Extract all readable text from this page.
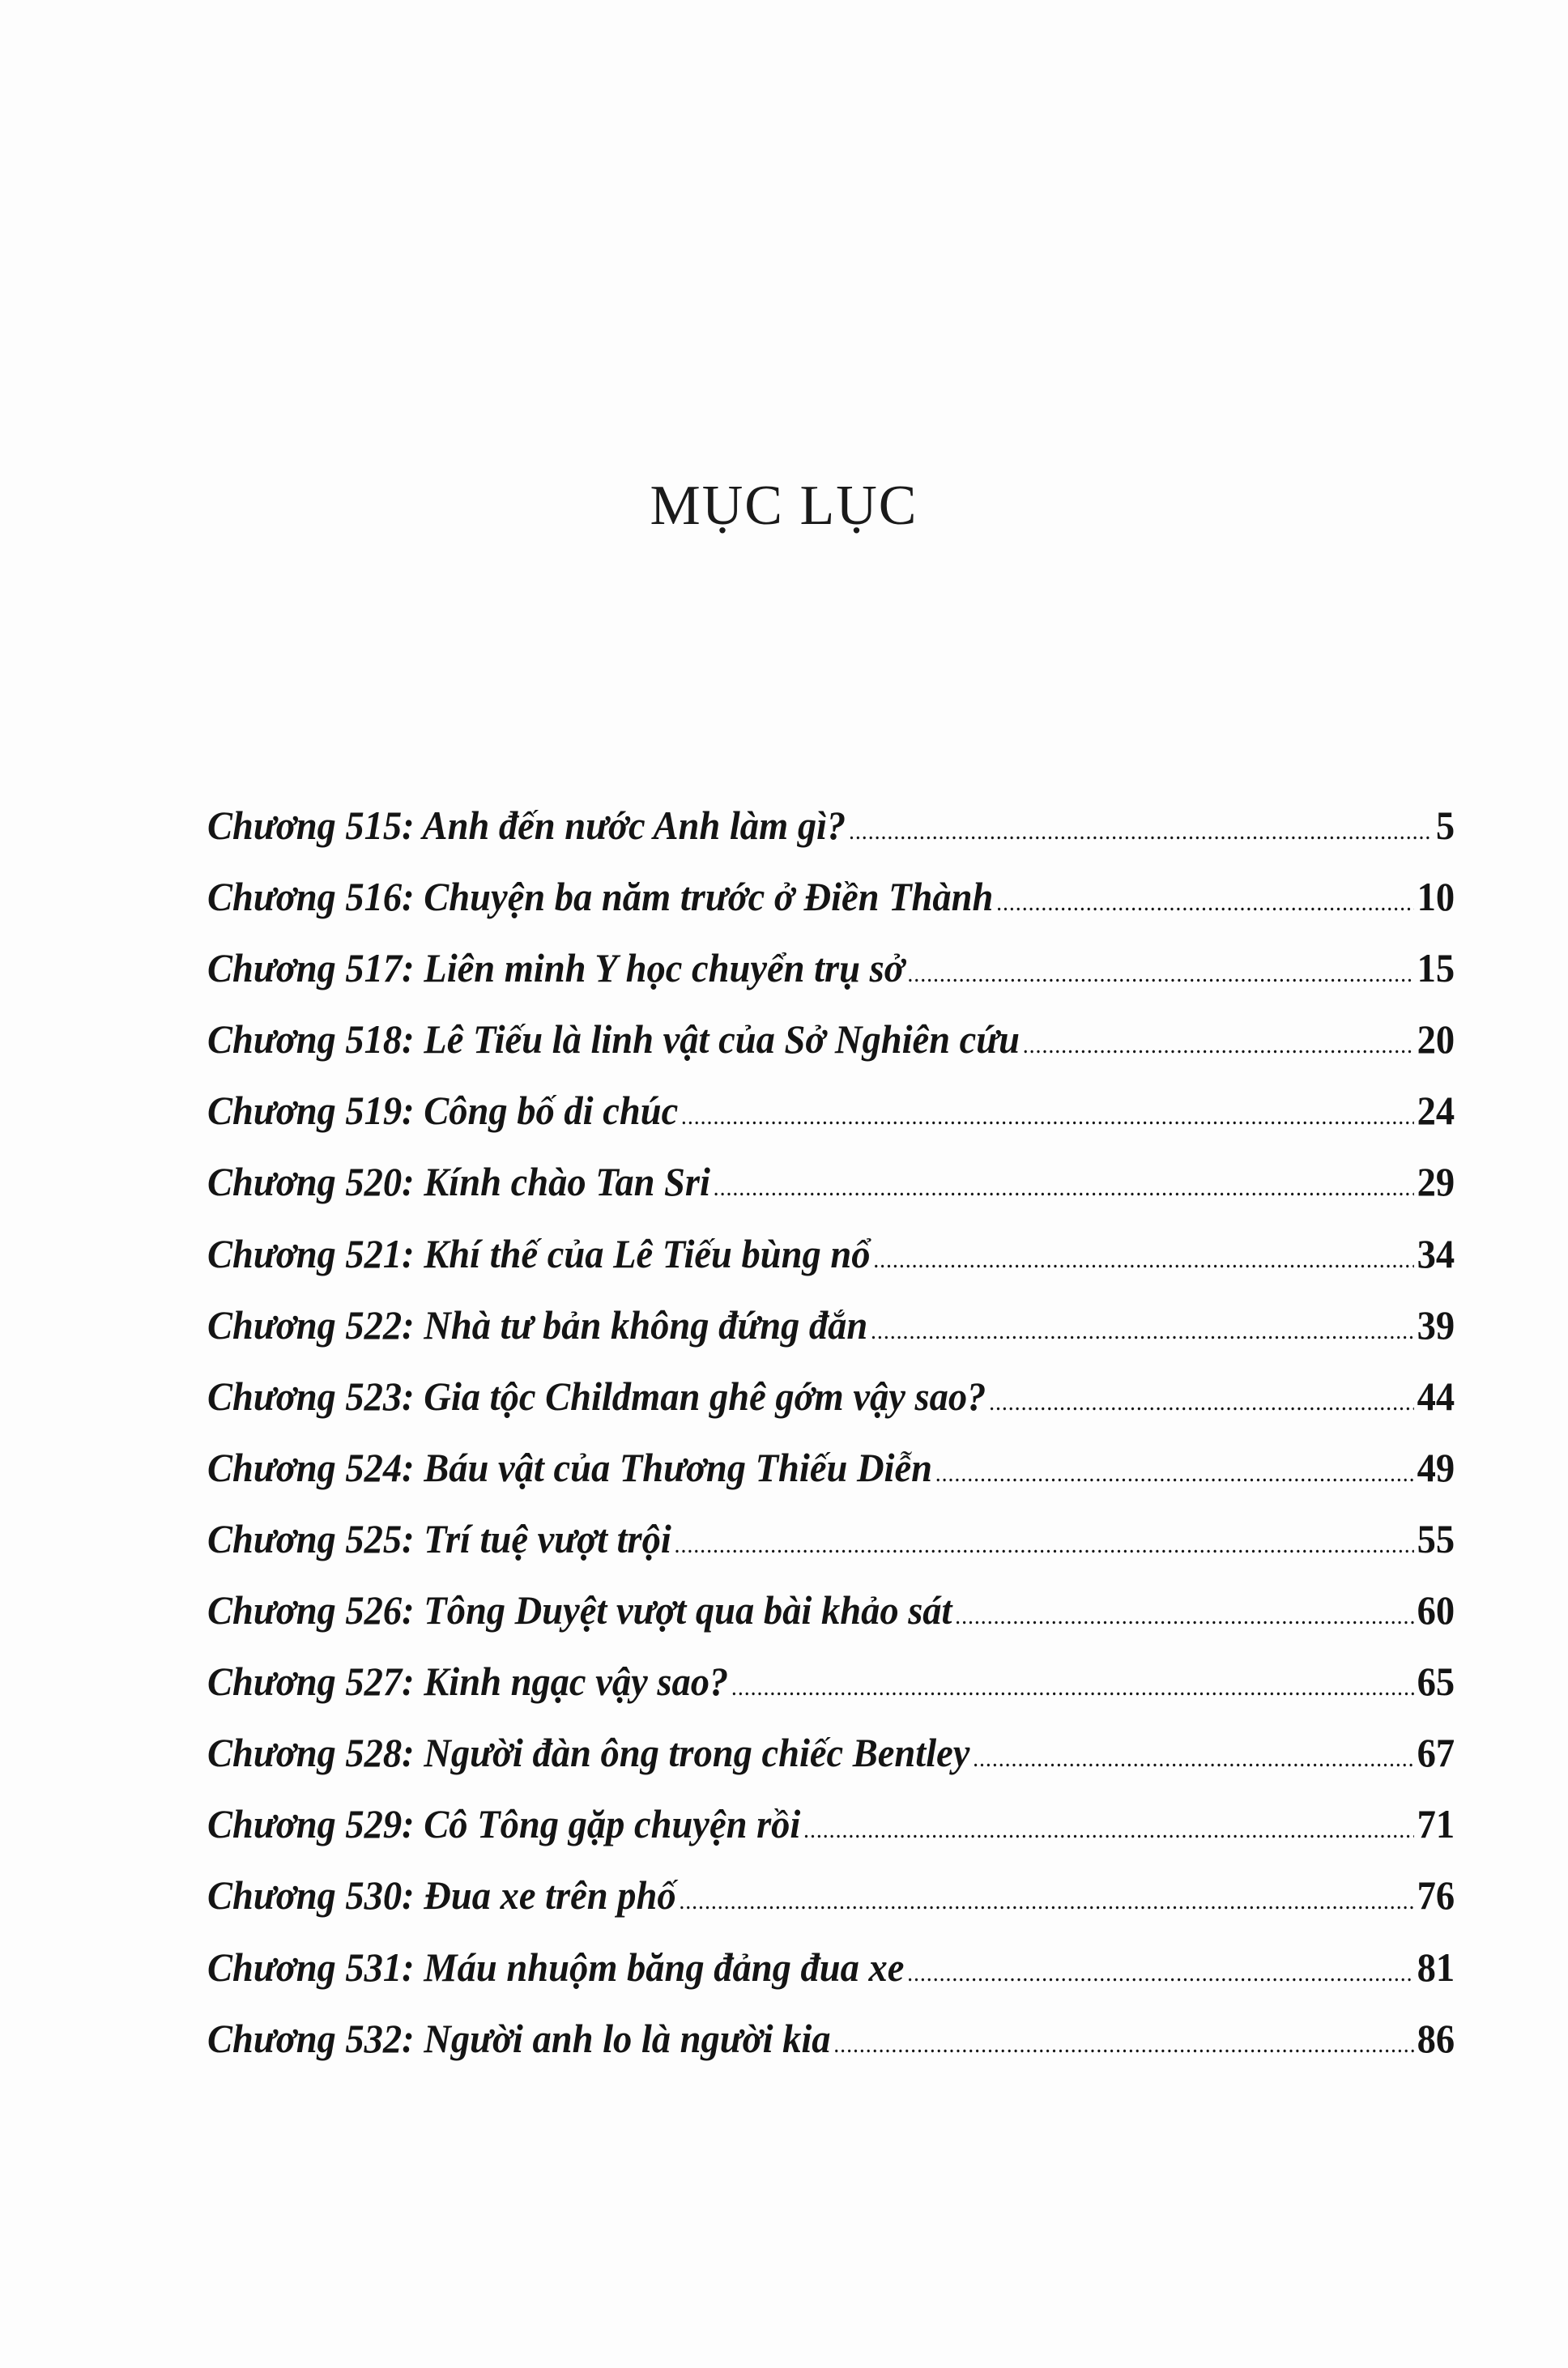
MỤC LỤC
Chương 515: Anh đến nước Anh làm gì? .....	5
Chương 516: Chuyện ba năm trước ở Điền Thành .....	10
Chương 517: Liên minh Y học chuyển trụ sở .....	15
Chương 518: Lê Tiếu là linh vật của Sở Nghiên cứu .....	20
Chương 519: Công bố di chúc .....	24
Chương 520: Kính chào Tan Sri .....	29
Chương 521: Khí thế của Lê Tiếu bùng nổ .....	34
Chương 522: Nhà tư bản không đứng đắn .....	39
Chương 523: Gia tộc Childman ghê gớm vậy sao? .....	44
Chương 524: Báu vật của Thương Thiếu Diễn .....	49
Chương 525: Trí tuệ vượt trội .....	55
Chương 526: Tông Duyệt vượt qua bài khảo sát .....	60
Chương 527: Kinh ngạc vậy sao? .....	65
Chương 528: Người đàn ông trong chiếc Bentley .....	67
Chương 529: Cô Tông gặp chuyện rồi .....	71
Chương 530: Đua xe trên phố .....	76
Chương 531: Máu nhuộm băng đảng đua xe .....	81
Chương 532: Người anh lo là người kia .....	86
